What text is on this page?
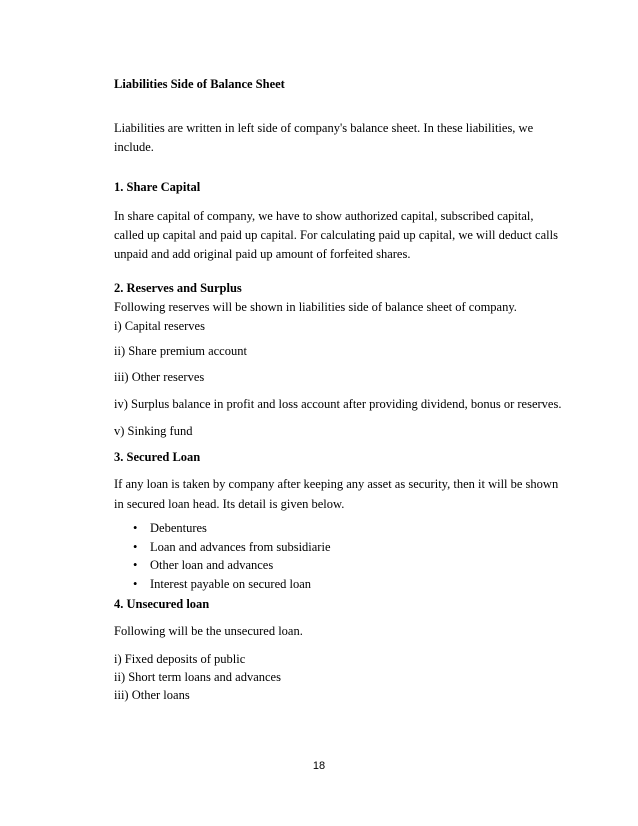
Liabilities Side of Balance Sheet
Liabilities are written in left side of company's balance sheet. In these liabilities, we
include.
1. Share Capital
In share capital of company, we have to show authorized capital, subscribed capital,
called up capital and paid up capital. For calculating paid up capital, we will deduct calls
unpaid and add original paid up amount of forfeited shares.
2. Reserves and Surplus
Following reserves will be shown in liabilities side of balance sheet of company.
i) Capital reserves
ii) Share premium account
iii) Other reserves
iv) Surplus balance in profit and loss account after providing dividend, bonus or reserves.
v) Sinking fund
3. Secured Loan
If any loan is taken by company after keeping any asset as security, then it will be shown
in secured loan head. Its detail is given below.
• Debentures
• Loan and advances from subsidiarie
• Other loan and advances
• Interest payable on secured loan
4. Unsecured loan
Following will be the unsecured loan.
i) Fixed deposits of public
ii) Short term loans and advances
iii) Other loans
18
